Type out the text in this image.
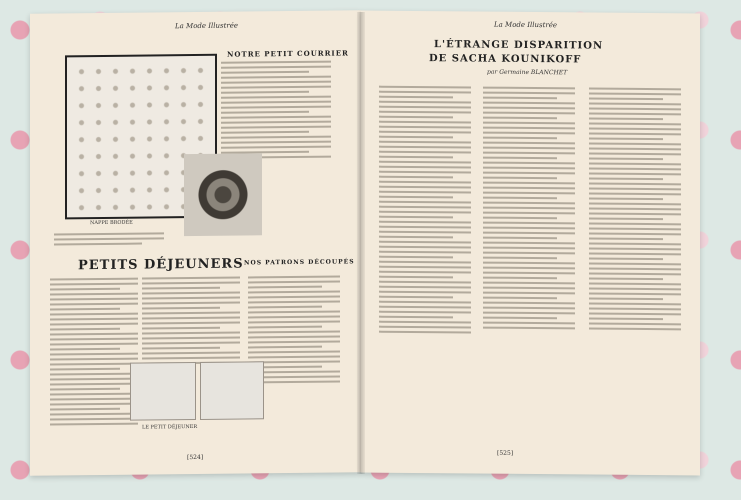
La Mode Illustrée
NAPPE BRODÉE
NOTRE PETIT COURRIER
PETITS DÉJEUNERS NOS PATRONS DÉCOUPÉS
LE PETIT DÉJEUNER
[524]
La Mode Illustrée
L'ÉTRANGE DISPARITION
DE SACHA KOUNIKOFF
par Germaine BLANCHET
[525]
